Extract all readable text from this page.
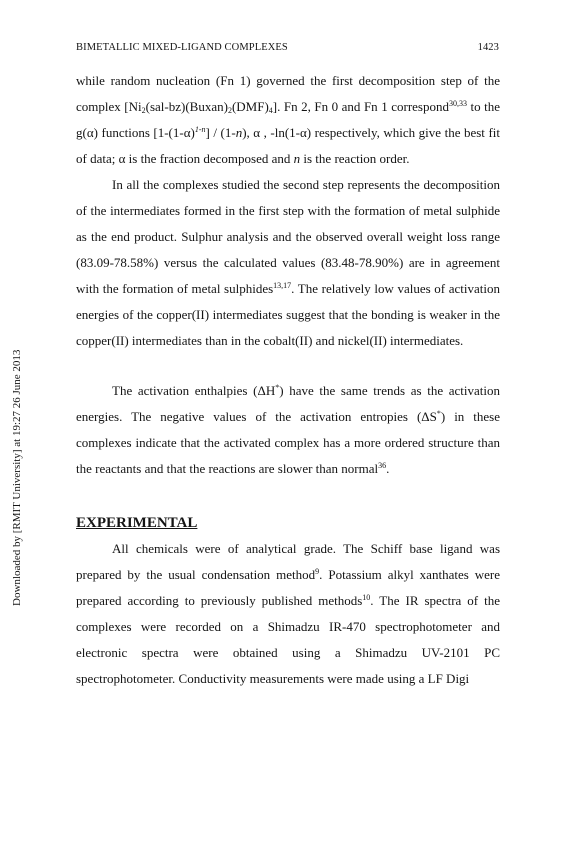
BIMETALLIC MIXED-LIGAND COMPLEXES	1423
Downloaded by [RMIT University] at 19:27 26 June 2013

while random nucleation (Fn 1) governed the first decomposition step of the complex $[Ni_2(sal-bz)(Buxan)_2(DMF)_4]$. Fn 2, Fn 0 and Fn 1 correspond$^{30,33}$ to the g(α) functions $[1-(1-\alpha)^{1-n}] / (1-n)$, α , -ln(1-α) respectively, which give the best fit of data; α is the fraction decomposed and n is the reaction order.

In all the complexes studied the second step represents the decomposition of the intermediates formed in the first step with the formation of metal sulphide as the end product. Sulphur analysis and the observed overall weight loss range (83.09-78.58%) versus the calculated values (83.48-78.90%) are in agreement with the formation of metal sulphides$^{13,17}$. The relatively low values of activation energies of the copper(II) intermediates suggest that the bonding is weaker in the copper(II) intermediates than in the cobalt(II) and nickel(II) intermediates.

The activation enthalpies (ΔH*) have the same trends as the activation energies. The negative values of the activation entropies (ΔS*) in these complexes indicate that the activated complex has a more ordered structure than the reactants and that the reactions are slower than normal$^{36}$.

EXPERIMENTAL

All chemicals were of analytical grade. The Schiff base ligand was prepared by the usual condensation method$^9$. Potassium alkyl xanthates were prepared according to previously published methods$^{10}$. The IR spectra of the complexes were recorded on a Shimadzu IR-470 spectrophotometer and electronic spectra were obtained using a Shimadzu UV-2101 PC spectrophotometer. Conductivity measurements were made using a LF Digi
